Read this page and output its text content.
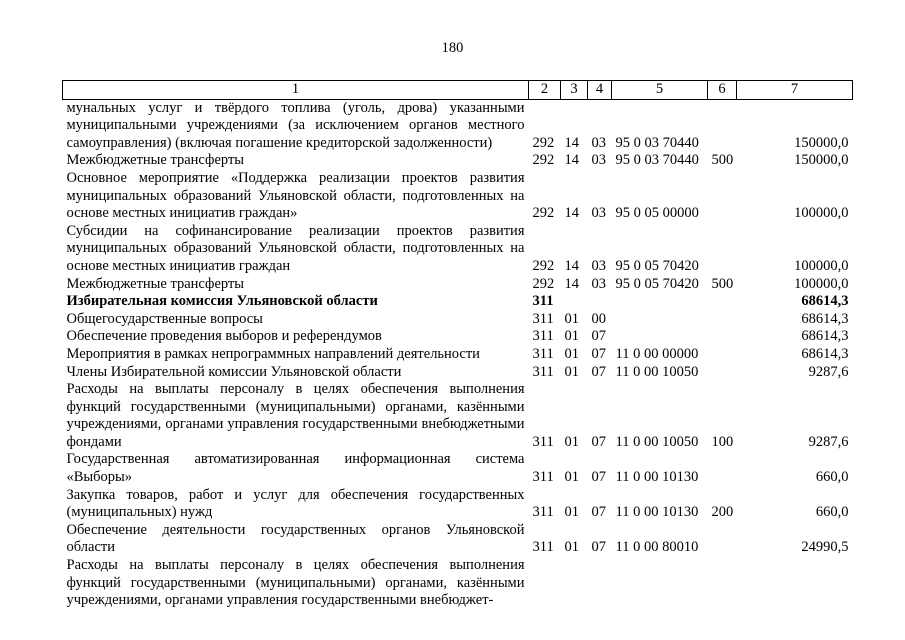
180
1	2	3	4	5	6	7
мунальных услуг и твёрдого топлива (уголь, дрова) указанными муниципальными учреждениями (за исключением органов местного самоуправления) (включая погашение кредиторской задолженности)	292	14	03	95 0 03 70440		150000,0
Межбюджетные трансферты	292	14	03	95 0 03 70440	500	150000,0
Основное мероприятие «Поддержка реализации проектов развития муниципальных образований Ульяновской области, подготовленных на основе местных инициатив граждан»	292	14	03	95 0 05 00000		100000,0
Субсидии на софинансирование реализации проектов развития муниципальных образований Ульяновской области, подготовленных на основе местных инициатив граждан	292	14	03	95 0 05 70420		100000,0
Межбюджетные трансферты	292	14	03	95 0 05 70420	500	100000,0
Избирательная комиссия Ульяновской области	311					68614,3
Общегосударственные вопросы	311	01	00			68614,3
Обеспечение проведения выборов и референдумов	311	01	07			68614,3
Мероприятия в рамках непрограммных направлений деятельности	311	01	07	11 0 00 00000		68614,3
Члены Избирательной комиссии Ульяновской области	311	01	07	11 0 00 10050		9287,6
Расходы на выплаты персоналу в целях обеспечения выполнения функций государственными (муниципальными) органами, казёнными учреждениями, органами управления государственными внебюджетными фондами	311	01	07	11 0 00 10050	100	9287,6
Государственная автоматизированная информационная система «Выборы»	311	01	07	11 0 00 10130		660,0
Закупка товаров, работ и услуг для обеспечения государственных (муниципальных) нужд	311	01	07	11 0 00 10130	200	660,0
Обеспечение деятельности государственных органов Ульяновской области	311	01	07	11 0 00 80010		24990,5
Расходы на выплаты персоналу в целях обеспечения выполнения функций государственными (муниципальными) органами, казёнными учреждениями, органами управления государственными внебюджет-						
